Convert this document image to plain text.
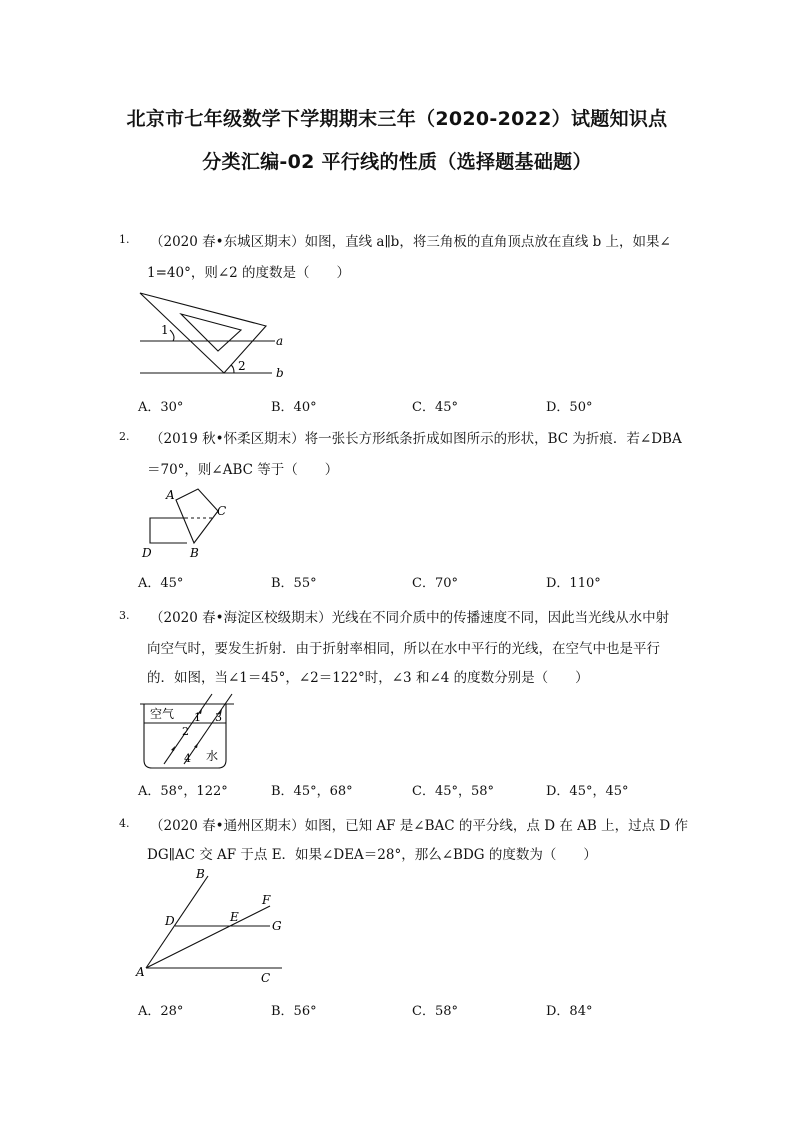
北京市七年级数学下学期期末三年（2020-2022）试题知识点
分类汇编-02 平行线的性质（选择题基础题）
1. （2020 春•东城区期末）如图，直线 a∥b，将三角板的直角顶点放在直线 b 上，如果∠
1=40°，则∠2 的度数是（　　）
1
a
2	b
A．30°	B．40°	C．45°	D．50°
2. （2019 秋•怀柔区期末）将一张长方形纸条折成如图所示的形状，BC 为折痕．若∠DBA
＝70°，则∠ABC 等于（　　）
A
C
D	B
A．45°	B．55°	C．70°	D．110°
3. （2020 春•海淀区校级期末）光线在不同介质中的传播速度不同，因此当光线从水中射
向空气时，要发生折射．由于折射率相同，所以在水中平行的光线，在空气中也是平行
的．如图，当∠1＝45°，∠2＝122°时，∠3 和∠4 的度数分别是（　　）
空气 1 3
2
4 水
A．58°，122°	B．45°，68°	C．45°，58°	D．45°，45°
4. （2020 春•通州区期末）如图，已知 AF 是∠BAC 的平分线，点 D 在 AB 上，过点 D 作
DG∥AC 交 AF 于点 E．如果∠DEA＝28°，那么∠BDG 的度数为（　　）
B
F
D	E
G
A	C
A．28°	B．56°	C．58°	D．84°
